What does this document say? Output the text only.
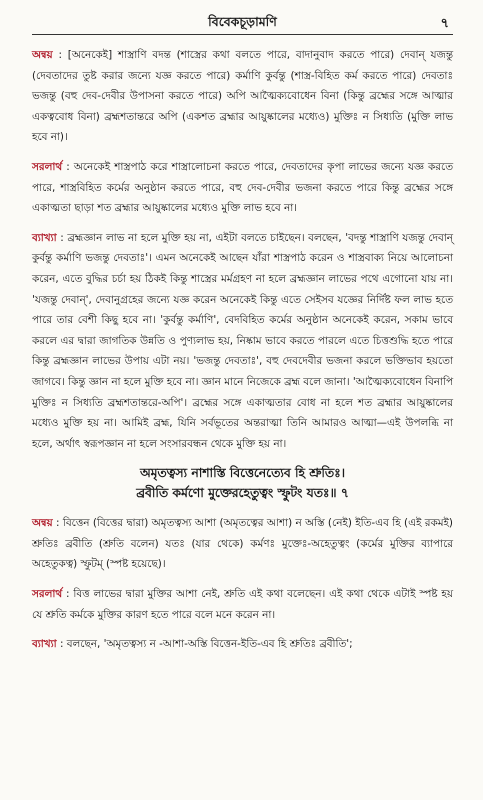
বিবেকচূড়ামণি	৭

অন্বয় : [অনেকেই] শাস্ত্রাণি বদন্ত (শাস্ত্রের কথা বলতে পারে, বাদানুবাদ করতে পারে) দেবান্ যজন্তু (দেবতাদের তুষ্ট করার জন্যে যজ্ঞ করতে পারে) কর্মাণি কুর্বন্তু (শাস্ত্র-বিহিত কর্ম করতে পারে) দেবতাঃ ভজন্তু (বহু দেব-দেবীর উপাসনা করতে পারে) অপি আত্মৈক্যবোধেন বিনা (কিন্তু ব্রহ্মের সঙ্গে আত্মার একত্ববোধ বিনা) ব্রহ্মশতান্তরে অপি (একশত ব্রহ্মার আয়ুষ্কালের মধ্যেও) মুক্তিঃ ন সিধ্যতি (মুক্তি লাভ হবে না)।

সরলার্থ : অনেকেই শাস্ত্রপাঠ করে শাস্ত্রালোচনা করতে পারে, দেবতাদের কৃপা লাভের জন্যে যজ্ঞ করতে পারে, শাস্ত্রবিহিত কর্মের অনুষ্ঠান করতে পারে, বহু দেব-দেবীর ভজনা করতে পারে কিন্তু ব্রহ্মের সঙ্গে একাত্মতা ছাড়া শত ব্রহ্মার আয়ুষ্কালের মধ্যেও মুক্তি লাভ হবে না।

ব্যাখ্যা : ব্রহ্মজ্ঞান লাভ না হলে মুক্তি হয় না, এইটা বলতে চাইছেন। বলছেন, 'বদন্তু শাস্ত্রাণি যজন্তু দেবান্ কুর্বন্তু কর্মাণি ভজন্তু দেবতাঃ'। এমন অনেকেই আছেন যাঁরা শাস্ত্রপাঠ করেন ও শাস্ত্রবাক্য নিয়ে আলোচনা করেন, এতে বুদ্ধির চর্চা হয় ঠিকই কিন্তু শাস্ত্রের মর্মগ্রহণ না হলে ব্রহ্মজ্ঞান লাভের পথে এগোনো যায় না। 'যজন্তু দেবান্', দেবানুগ্রহের জন্যে যজ্ঞ করেন অনেকেই কিন্তু এতে সেইসব যজ্ঞের নির্দিষ্ট ফল লাভ হতে পারে তার বেশী কিছু হবে না। 'কুর্বন্তু কর্মাণি', বেদবিহিত কর্মের অনুষ্ঠান অনেকেই করেন, সকাম ভাবে করলে এর দ্বারা জাগতিক উন্নতি ও পুণ্যলাভ হয়, নিষ্কাম ভাবে করতে পারলে এতে চিত্তশুদ্ধি হতে পারে কিন্তু ব্রহ্মজ্ঞান লাভের উপায় এটা নয়। 'ভজন্তু দেবতাঃ', বহু দেবদেবীর ভজনা করলে ভক্তিভাব হয়তো জাগবে। কিন্তু জ্ঞান না হলে মুক্তি হবে না। জ্ঞান মানে নিজেকে ব্রহ্ম বলে জানা। 'আত্মৈক্যবোধেন বিনাপি মুক্তিঃ ন সিধ্যতি ব্রহ্মশতান্তরে-অপি'। ব্রহ্মের সঙ্গে একাত্মতার বোধ না হলে শত ব্রহ্মার আয়ুষ্কালের মধ্যেও মুক্তি হয় না। আমিই ব্রহ্ম, যিনি সর্বভূতের অন্তরাত্মা তিনি আমারও আত্মা—এই উপলব্ধি না হলে, অর্থাৎ স্বরূপজ্ঞান না হলে সংসারবন্ধন থেকে মুক্তি হয় না।

অমৃতত্বস্য নাশাস্তি বিত্তেনেত্যেব হি শ্রুতিঃ।
ব্রবীতি কর্মণো মুক্তেরহেতুত্বং স্ফুটং যতঃ॥ ৭

অন্বয় : বিত্তেন (বিত্তের দ্বারা) অমৃতত্বস্য আশা (অমৃতত্বের আশা) ন অস্তি (নেই) ইতি-এব হি (এই রকমই) শ্রুতিঃ ব্রবীতি (শ্রুতি বলেন) যতঃ (যার থেকে) কর্মণঃ মুক্তেঃ-অহেতুত্বং (কর্মের মুক্তির ব্যাপারে অহেতুকত্ব) স্ফুটম্ (স্পষ্ট হয়েছে)।

সরলার্থ : বিত্ত লাভের দ্বারা মুক্তির আশা নেই, শ্রুতি এই কথা বলেছেন। এই কথা থেকে এটাই স্পষ্ট হয় যে শ্রুতি কর্মকে মুক্তির কারণ হতে পারে বলে মনে করেন না।

ব্যাখ্যা : বলছেন, 'অমৃতত্বস্য ন -আশা-অস্তি বিত্তেন-ইতি-এব হি শ্রুতিঃ ব্রবীতি';
